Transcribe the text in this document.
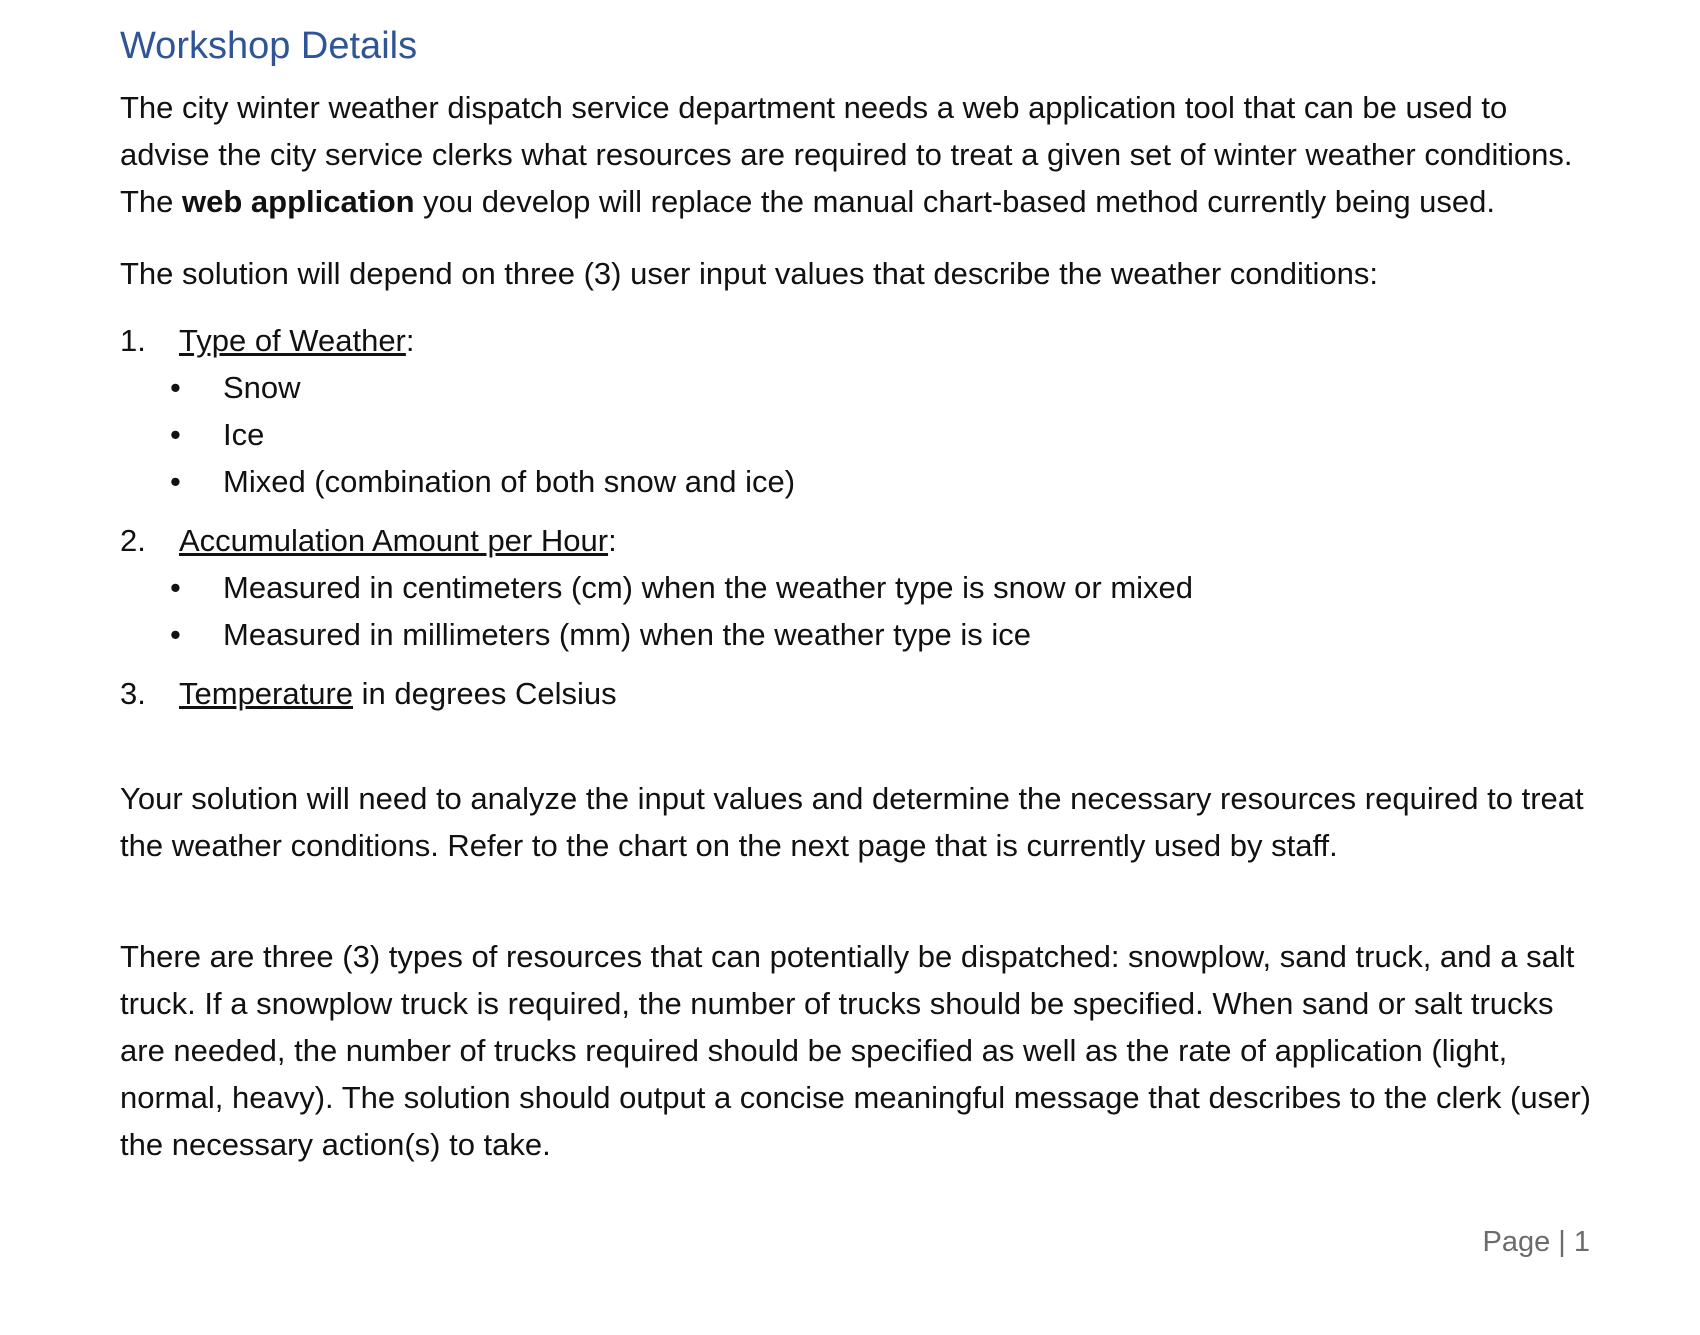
Workshop Details

The city winter weather dispatch service department needs a web application tool that can be used to advise the city service clerks what resources are required to treat a given set of winter weather conditions. The web application you develop will replace the manual chart-based method currently being used.

The solution will depend on three (3) user input values that describe the weather conditions:

1. Type of Weather:
• Snow
• Ice
• Mixed (combination of both snow and ice)
2. Accumulation Amount per Hour:
• Measured in centimeters (cm) when the weather type is snow or mixed
• Measured in millimeters (mm) when the weather type is ice
3. Temperature in degrees Celsius

Your solution will need to analyze the input values and determine the necessary resources required to treat the weather conditions. Refer to the chart on the next page that is currently used by staff.

There are three (3) types of resources that can potentially be dispatched: snowplow, sand truck, and a salt truck. If a snowplow truck is required, the number of trucks should be specified. When sand or salt trucks are needed, the number of trucks required should be specified as well as the rate of application (light, normal, heavy). The solution should output a concise meaningful message that describes to the clerk (user) the necessary action(s) to take.

Page | 1
